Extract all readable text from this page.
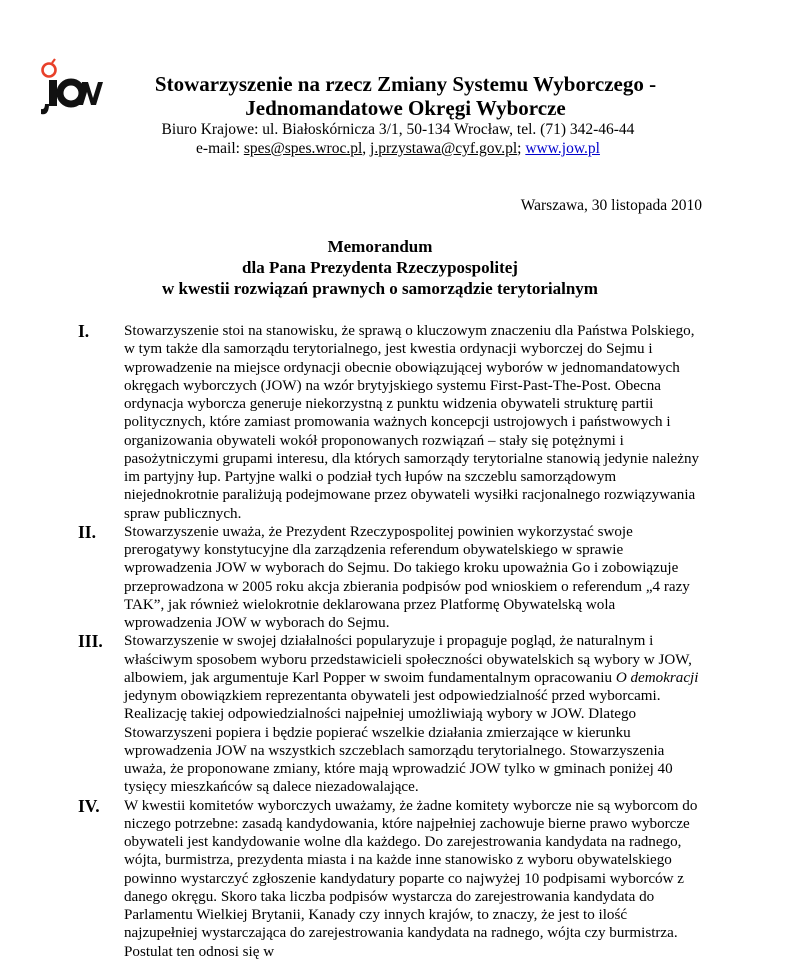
Stowarzyszenie na rzecz Zmiany Systemu Wyborczego -
Jednomandatowe Okręgi Wyborcze
Biuro Krajowe: ul. Białoskórnicza 3/1, 50-134 Wrocław, tel. (71) 342-46-44
e-mail: spes@spes.wroc.pl, j.przystawa@cyf.gov.pl; www.jow.pl
Warszawa, 30 listopada 2010
Memorandum
dla Pana Prezydenta Rzeczypospolitej
w kwestii rozwiązań prawnych o samorządzie terytorialnym
I. Stowarzyszenie stoi na stanowisku, że sprawą o kluczowym znaczeniu dla Państwa Polskiego, w tym także dla samorządu terytorialnego, jest kwestia ordynacji wyborczej do Sejmu i wprowadzenie na miejsce ordynacji obecnie obowiązującej wyborów w jednomandatowych okręgach wyborczych (JOW) na wzór brytyjskiego systemu First-Past-The-Post. Obecna ordynacja wyborcza generuje niekorzystną z punktu widzenia obywateli strukturę partii politycznych, które zamiast promowania ważnych koncepcji ustrojowych i państwowych i organizowania obywateli wokół proponowanych rozwiązań – stały się potężnymi i pasożytniczymi grupami interesu, dla których samorządy terytorialne stanowią jedynie należny im partyjny łup. Partyjne walki o podział tych łupów na szczeblu samorządowym niejednokrotnie paraliżują podejmowane przez obywateli wysiłki racjonalnego rozwiązywania spraw publicznych.
II. Stowarzyszenie uważa, że Prezydent Rzeczypospolitej powinien wykorzystać swoje prerogatywy konstytucyjne dla zarządzenia referendum obywatelskiego w sprawie wprowadzenia JOW w wyborach do Sejmu. Do takiego kroku upoważnia Go i zobowiązuje przeprowadzona w 2005 roku akcja zbierania podpisów pod wnioskiem o referendum „4 razy TAK”, jak również wielokrotnie deklarowana przez Platformę Obywatelską wola wprowadzenia JOW w wyborach do Sejmu.
III. Stowarzyszenie w swojej działalności popularyzuje i propaguje pogląd, że naturalnym i właściwym sposobem wyboru przedstawicieli społeczności obywatelskich są wybory w JOW, albowiem, jak argumentuje Karl Popper w swoim fundamentalnym opracowaniu O demokracji jedynym obowiązkiem reprezentanta obywateli jest odpowiedzialność przed wyborcami. Realizację takiej odpowiedzialności najpełniej umożliwiają wybory w JOW. Dlatego Stowarzyszeni popiera i będzie popierać wszelkie działania zmierzające w kierunku wprowadzenia JOW na wszystkich szczeblach samorządu terytorialnego. Stowarzyszenia uważa, że proponowane zmiany, które mają wprowadzić JOW tylko w gminach poniżej 40 tysięcy mieszkańców są dalece niezadowalające.
IV. W kwestii komitetów wyborczych uważamy, że żadne komitety wyborcze nie są wyborcom do niczego potrzebne: zasadą kandydowania, które najpełniej zachowuje bierne prawo wyborcze obywateli jest kandydowanie wolne dla każdego. Do zarejestrowania kandydata na radnego, wójta, burmistrza, prezydenta miasta i na każde inne stanowisko z wyboru obywatelskiego powinno wystarczyć zgłoszenie kandydatury poparte co najwyżej 10 podpisami wyborców z danego okręgu. Skoro taka liczba podpisów wystarcza do zarejestrowania kandydata do Parlamentu Wielkiej Brytanii, Kanady czy innych krajów, to znaczy, że jest to ilość najzupełniej wystarczająca do zarejestrowania kandydata na radnego, wójta czy burmistrza. Postulat ten odnosi się w
